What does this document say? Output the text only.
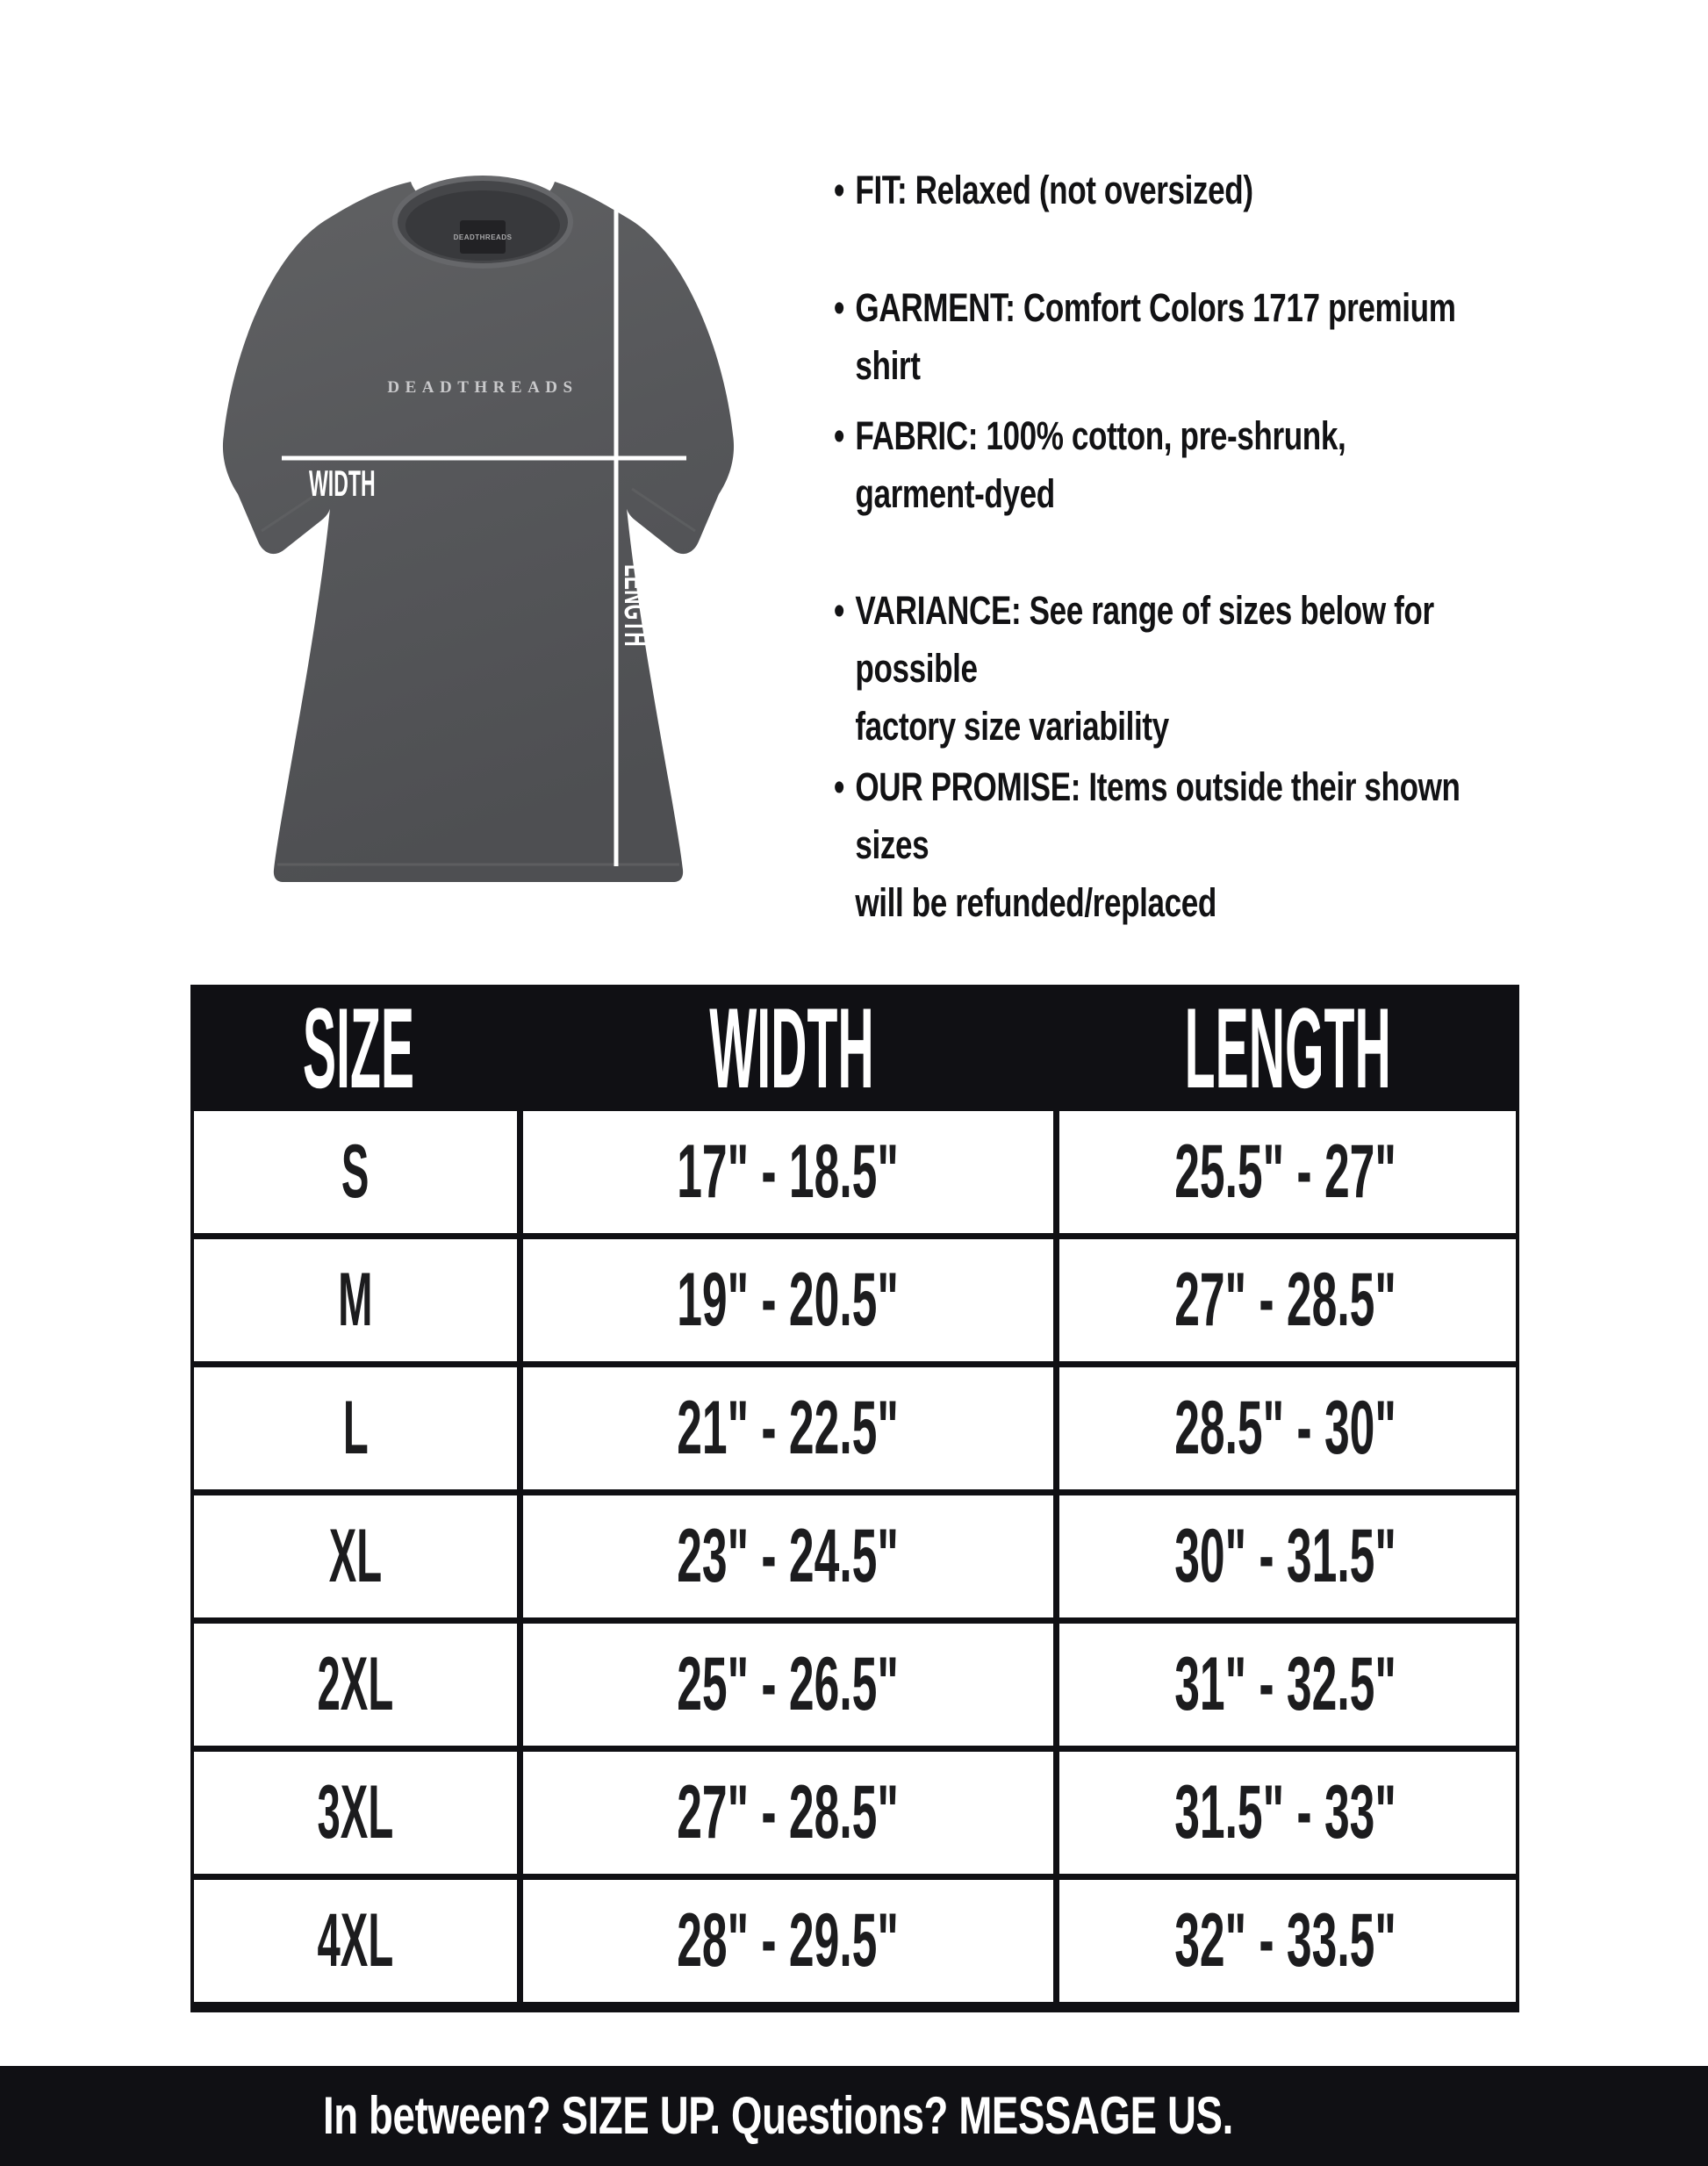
DEADTHREADS
DEADTHREADS
WIDTH
LENGTH
• FIT: Relaxed (not oversized)
• GARMENT: Comfort Colors 1717 premium shirt
• FABRIC: 100% cotton, pre-shrunk,
garment-dyed
• VARIANCE: See range of sizes below for possible
factory size variability
• OUR PROMISE: Items outside their shown sizes
will be refunded/replaced
SIZE	WIDTH	LENGTH
S	17" - 18.5"	25.5" - 27"
M	19" - 20.5"	27" - 28.5"
L	21" - 22.5"	28.5" - 30"
XL	23" - 24.5"	30" - 31.5"
2XL	25" - 26.5"	31" - 32.5"
3XL	27" - 28.5"	31.5" - 33"
4XL	28" - 29.5"	32" - 33.5"
In between? SIZE UP. Questions? MESSAGE US.
